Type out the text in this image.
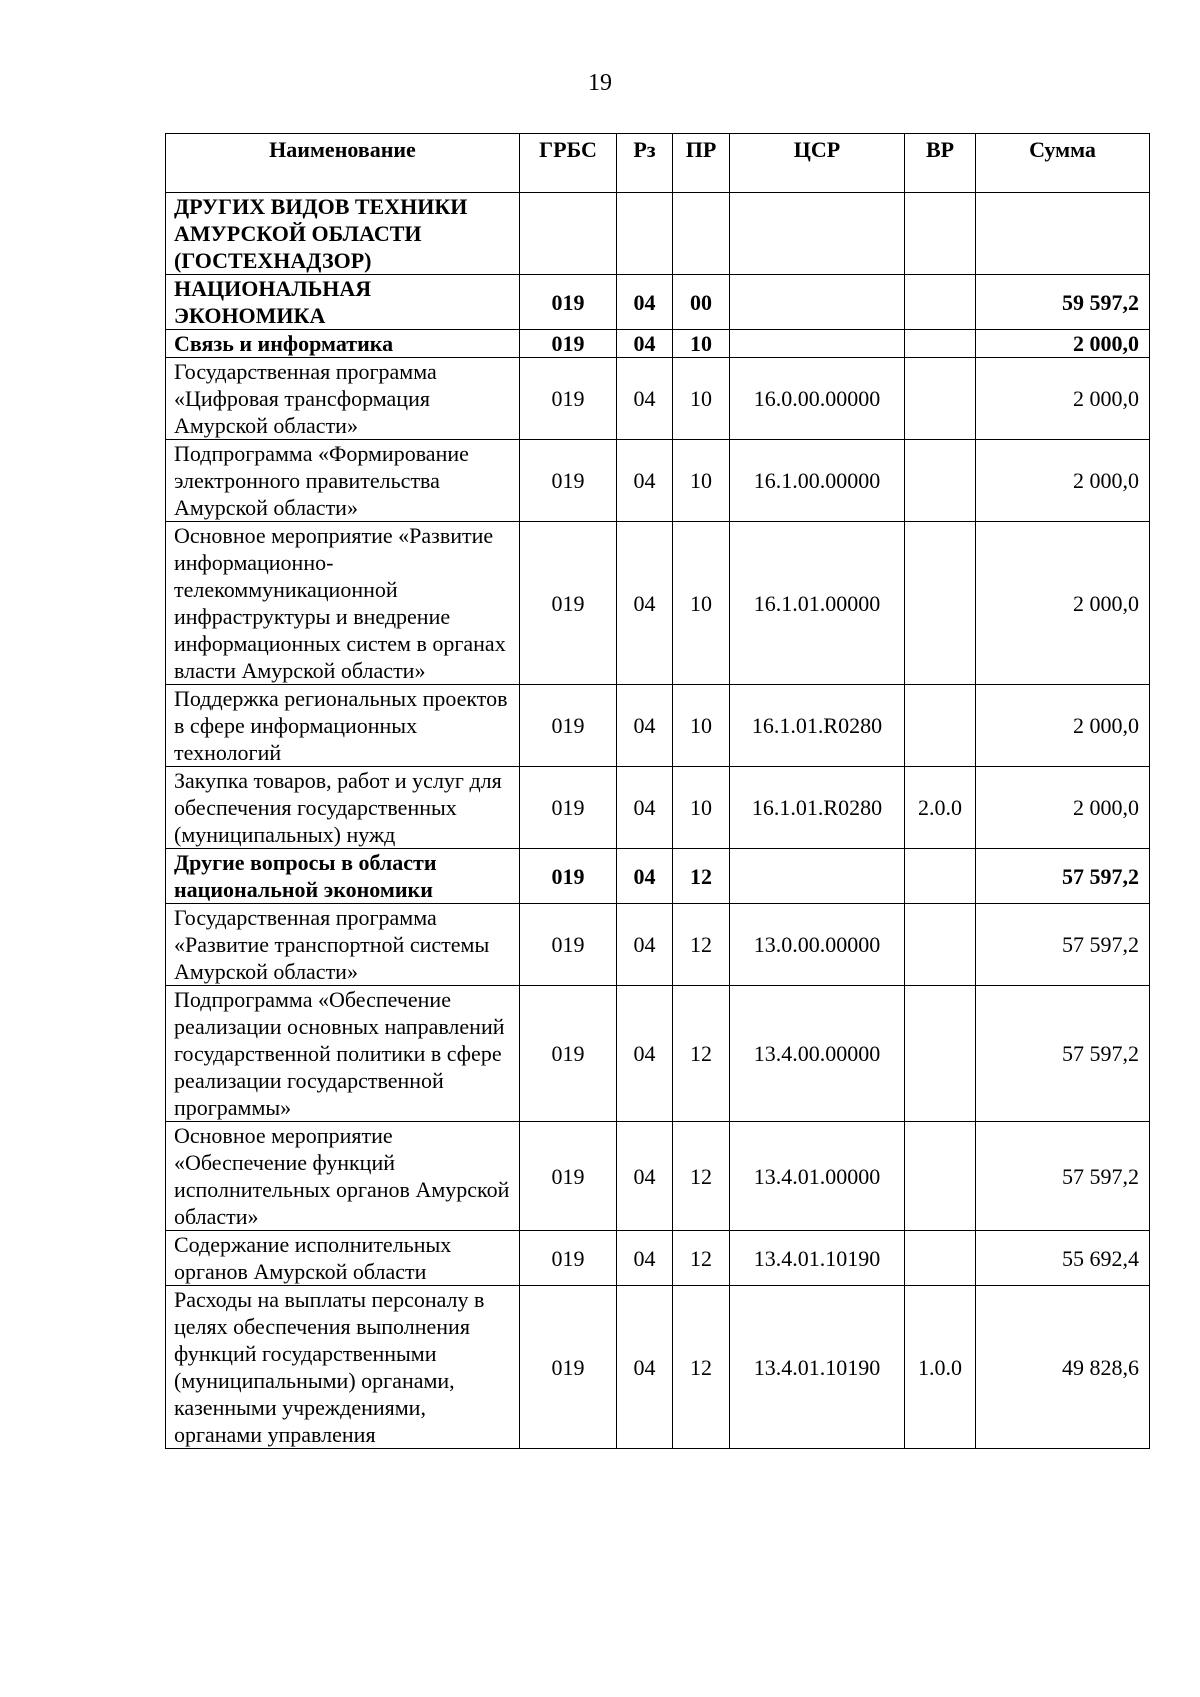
19
Наименование	ГРБС	Рз	ПР	ЦСР	ВР	Сумма
ДРУГИХ ВИДОВ ТЕХНИКИ АМУРСКОЙ ОБЛАСТИ (ГОСТЕХНАДЗОР)						
НАЦИОНАЛЬНАЯ ЭКОНОМИКА	019	04	00			59 597,2
Связь и информатика	019	04	10			2 000,0
Государственная программа «Цифровая трансформация Амурской области»	019	04	10	16.0.00.00000		2 000,0
Подпрограмма «Формирование электронного правительства Амурской области»	019	04	10	16.1.00.00000		2 000,0
Основное мероприятие «Развитие информационно-телекоммуникационной инфраструктуры и внедрение информационных систем в органах власти Амурской области»	019	04	10	16.1.01.00000		2 000,0
Поддержка региональных проектов в сфере информационных технологий	019	04	10	16.1.01.R0280		2 000,0
Закупка товаров, работ и услуг для обеспечения государственных (муниципальных) нужд	019	04	10	16.1.01.R0280	2.0.0	2 000,0
Другие вопросы в области национальной экономики	019	04	12			57 597,2
Государственная программа «Развитие транспортной системы Амурской области»	019	04	12	13.0.00.00000		57 597,2
Подпрограмма «Обеспечение реализации основных направлений государственной политики в сфере реализации государственной программы»	019	04	12	13.4.00.00000		57 597,2
Основное мероприятие «Обеспечение функций исполнительных органов Амурской области»	019	04	12	13.4.01.00000		57 597,2
Содержание исполнительных органов Амурской области	019	04	12	13.4.01.10190		55 692,4
Расходы на выплаты персоналу в целях обеспечения выполнения функций государственными (муниципальными) органами, казенными учреждениями, органами управления	019	04	12	13.4.01.10190	1.0.0	49 828,6
